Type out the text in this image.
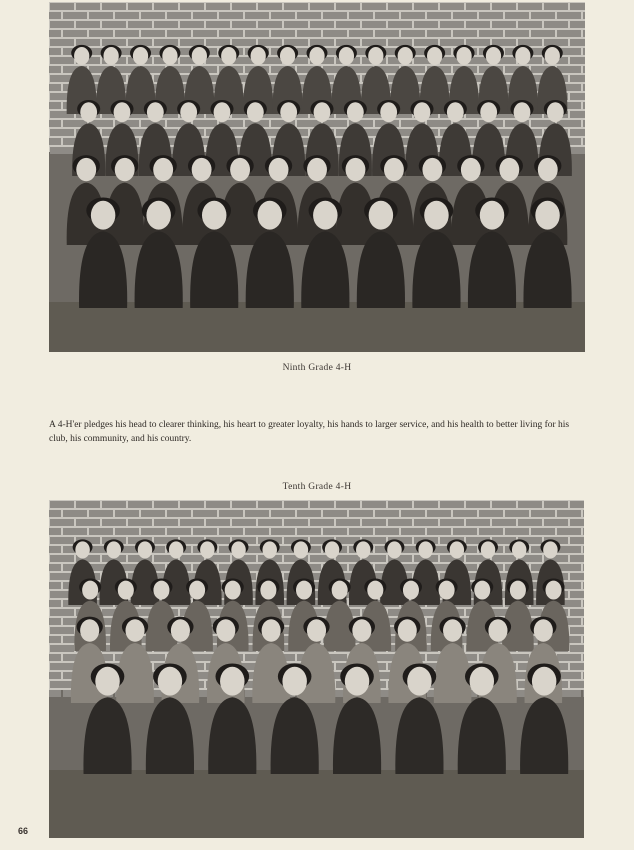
Ninth Grade 4-H
A 4-H'er pledges his head to clearer thinking, his heart to greater loyalty, his hands to larger service, and his health to better living for his club, his community, and his country.
Tenth Grade 4-H
66
